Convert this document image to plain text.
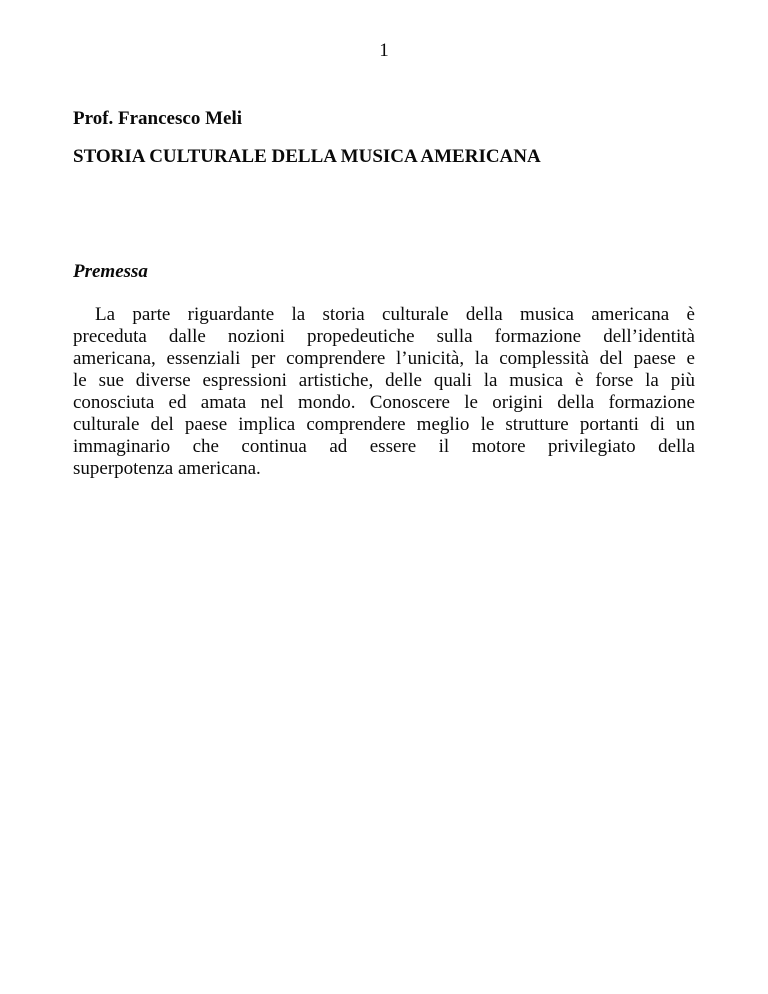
1
Prof. Francesco Meli
STORIA CULTURALE DELLA MUSICA AMERICANA
Premessa
La parte riguardante la storia culturale della musica americana è
preceduta dalle nozioni propedeutiche sulla formazione dell’identità
americana, essenziali per comprendere l’unicità, la complessità del paese e
le sue diverse espressioni artistiche, delle quali la musica è forse la più
conosciuta ed amata nel mondo. Conoscere le origini della formazione
culturale del paese implica comprendere meglio le strutture portanti di un
immaginario che continua ad essere il motore privilegiato della
superpotenza americana.
